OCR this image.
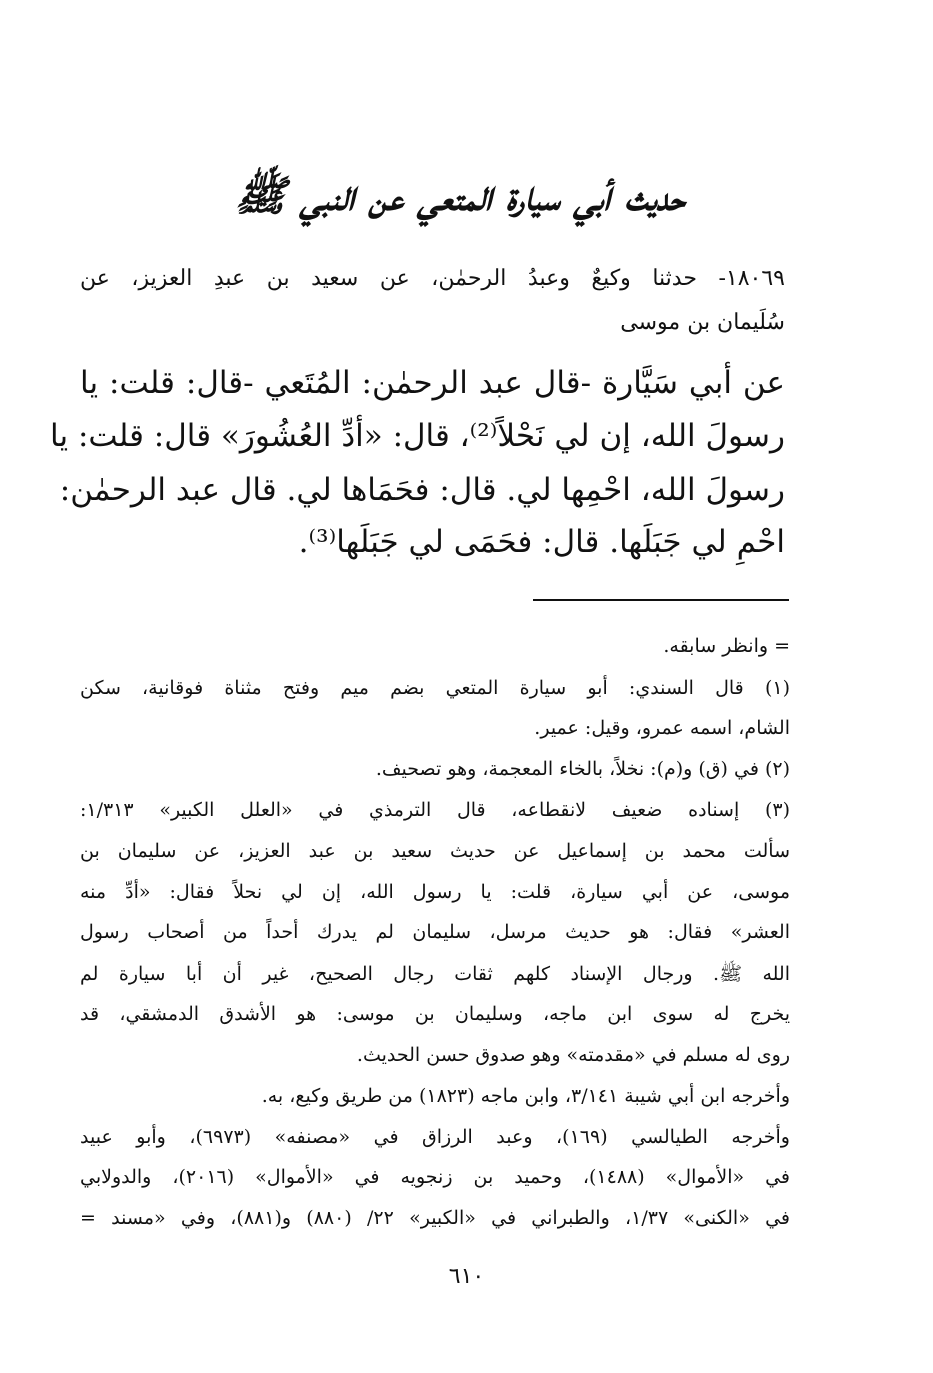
حديث أبي سيارة المتعي عن النبي ﷺ
١٨٠٦٩- حدثنا وكيعٌ وعبدُ الرحمٰن، عن سعيد بن عبدِ العزيز، عن
سُلَيمان بن موسى
عن أبي سَيَّارة -قال عبد الرحمٰن: المُتَعي -قال: قلت: يا
رسولَ الله، إن لي نَحْلاً⁽²⁾، قال: «أدِّ العُشُورَ» قال: قلت: يا
رسولَ الله، احْمِها لي. قال: فحَمَاها لي. قال عبد الرحمٰن:
احْمِ لي جَبَلَها. قال: فحَمَى لي جَبَلَها⁽³⁾.
= وانظر سابقه.
(١) قال السندي: أبو سيارة المتعي بضم ميم وفتح مثناة فوقانية، سكن
الشام، اسمه عمرو، وقيل: عمير.
(٢) في (ق) و(م): نخلاً، بالخاء المعجمة، وهو تصحيف.
(٣) إسناده ضعيف لانقطاعه، قال الترمذي في «العلل الكبير» ١/٣١٣:
سألت محمد بن إسماعيل عن حديث سعيد بن عبد العزيز، عن سليمان بن
موسى، عن أبي سيارة، قلت: يا رسول الله، إن لي نحلاً فقال: «أدِّ منه
العشر» فقال: هو حديث مرسل، سليمان لم يدرك أحداً من أصحاب رسول
الله ﷺ. ورجال الإسناد كلهم ثقات رجال الصحيح، غير أن أبا سيارة لم
يخرج له سوى ابن ماجه، وسليمان بن موسى: هو الأشدق الدمشقي، قد
روى له مسلم في «مقدمته» وهو صدوق حسن الحديث.
وأخرجه ابن أبي شيبة ٣/١٤١، وابن ماجه (١٨٢٣) من طريق وكيع، به.
وأخرجه الطيالسي (١٦٩)، وعبد الرزاق في «مصنفه» (٦٩٧٣)، وأبو عبيد
في «الأموال» (١٤٨٨)، وحميد بن زنجويه في «الأموال» (٢٠١٦)، والدولابي
في «الكنى» ١/٣٧، والطبراني في «الكبير» ٢٢/ (٨٨٠) و(٨٨١)، وفي «مسند =
٦١٠
